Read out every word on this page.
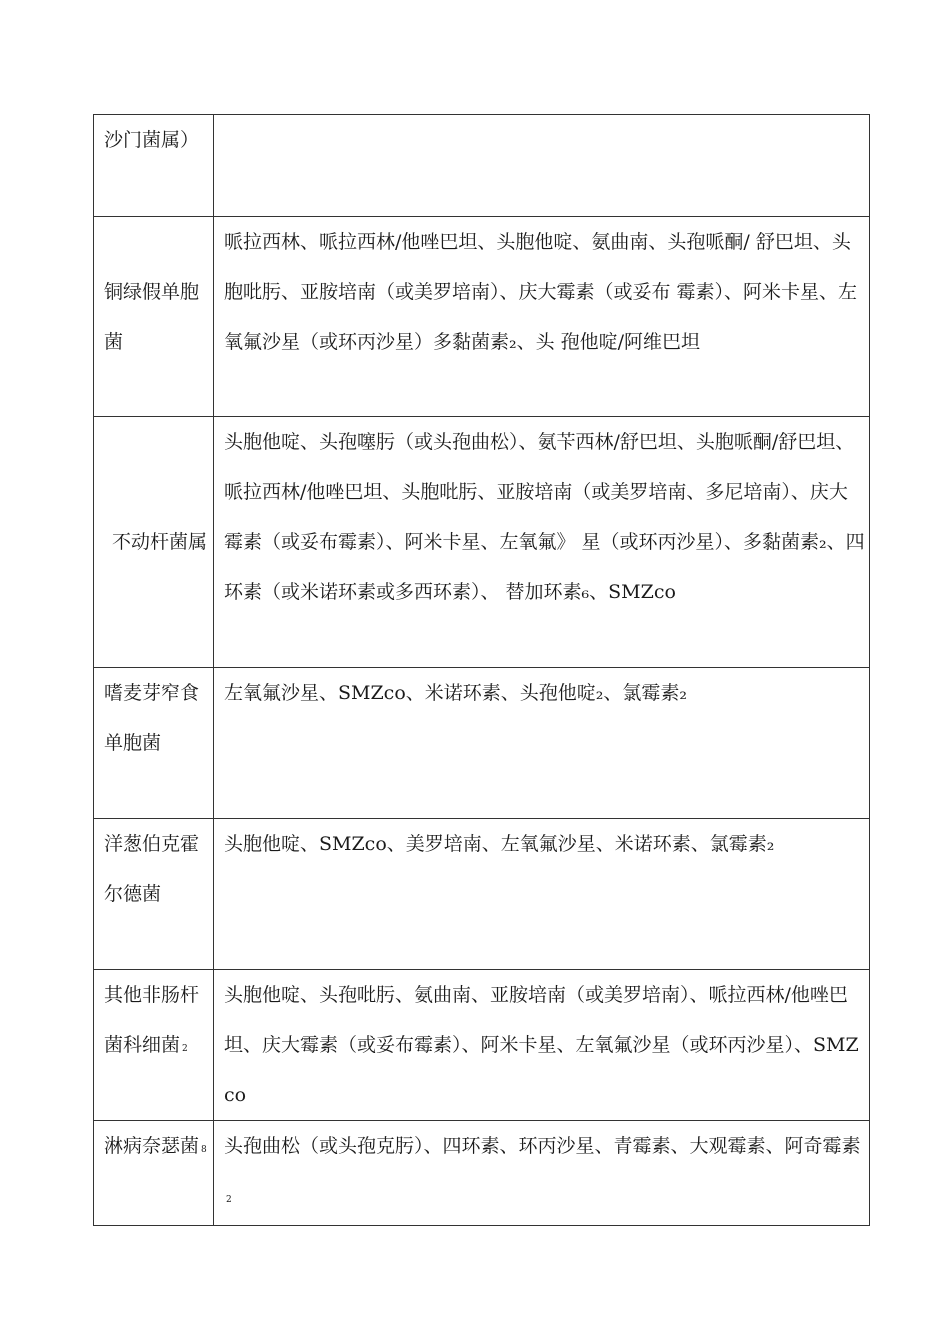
沙门菌属）	
铜绿假单胞菌	哌拉西林、哌拉西林/他唑巴坦、头胞他啶、氨曲南、头孢哌酮/ 舒巴坦、头胞吡肟、亚胺培南（或美罗培南）、庆大霉素（或妥布 霉素）、阿米卡星、左氧氟沙星（或环丙沙星）多黏菌素₂、头 孢他啶/阿维巴坦
不动杆菌属	头胞他啶、头孢噻肟（或头孢曲松）、氨苄西林/舒巴坦、头胞哌酮/舒巴坦、哌拉西林/他唑巴坦、头胞吡肟、亚胺培南（或美罗培南、多尼培南）、庆大霉素（或妥布霉素）、阿米卡星、左氧氟》 星（或环丙沙星）、多黏菌素₂、四环素（或米诺环素或多西环素）、 替加环素₆、SMZco
嗜麦芽窄食单胞菌	左氧氟沙星、SMZco、米诺环素、头孢他啶₂、氯霉素₂
洋葱伯克霍尔德菌	头胞他啶、SMZco、美罗培南、左氧氟沙星、米诺环素、氯霉素₂
其他非肠杆菌科细菌 2	头胞他啶、头孢吡肟、氨曲南、亚胺培南（或美罗培南）、哌拉西林/他唑巴坦、庆大霉素（或妥布霉素）、阿米卡星、左氧氟沙星（或环丙沙星）、SMZco
淋病奈瑟菌 8	头孢曲松（或头孢克肟）、四环素、环丙沙星、青霉素、大观霉素、阿奇霉素2
